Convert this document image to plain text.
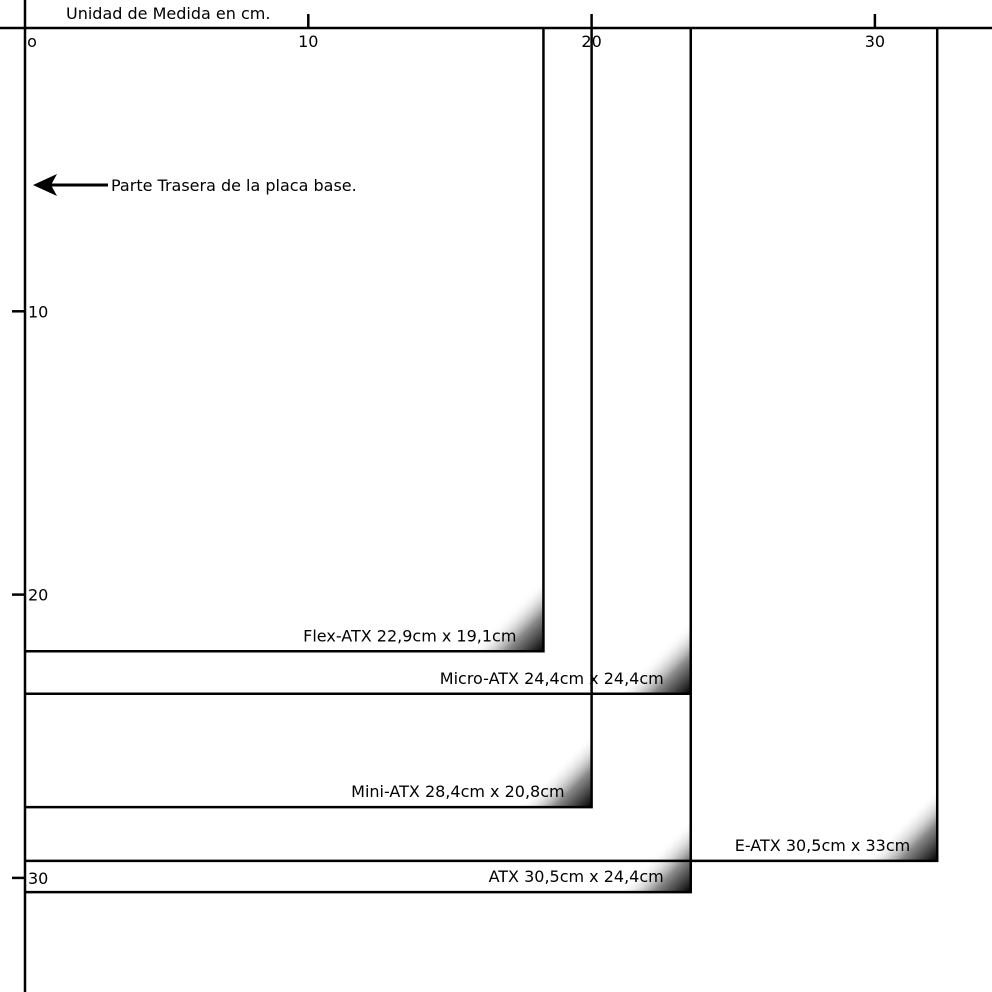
o	10	20	30
10
20
30
Unidad de Medida en cm.
Parte Trasera de la placa base.
Flex-ATX 22,9cm x 19,1cm
Micro-ATX 24,4cm x 24,4cm
Mini-ATX 28,4cm x 20,8cm
E-ATX 30,5cm x 33cm
ATX 30,5cm x 24,4cm
